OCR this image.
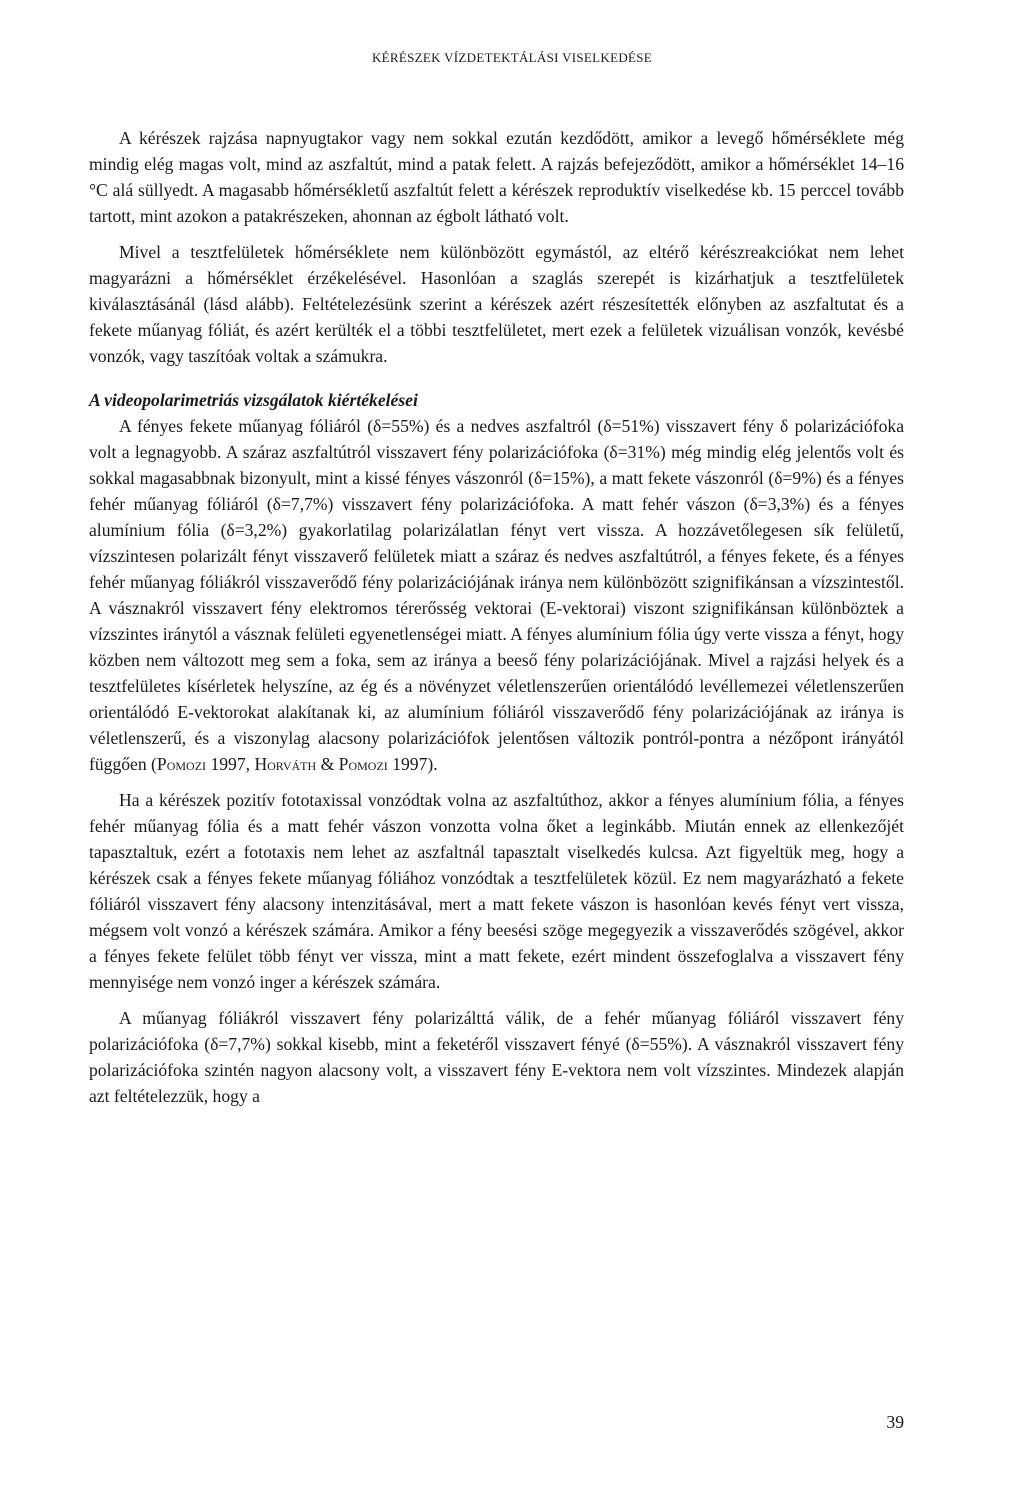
KÉRÉSZEK VÍZDETEKTÁLÁSI VISELKEDÉSE

A kérészek rajzása napnyugtakor vagy nem sokkal ezután kezdődött, amikor a levegő hőmérséklete még mindig elég magas volt, mind az aszfaltút, mind a patak felett. A rajzás befejeződött, amikor a hőmérséklet 14–16 °C alá süllyedt. A magasabb hőmérsékletű aszfaltút felett a kérészek reproduktív viselkedése kb. 15 perccel tovább tartott, mint azokon a patakrészeken, ahonnan az égbolt látható volt.

Mivel a tesztfelületek hőmérséklete nem különbözött egymástól, az eltérő kérészreakciókat nem lehet magyarázni a hőmérséklet érzékelésével. Hasonlóan a szaglás szerepét is kizárhatjuk a tesztfelületek kiválasztásánál (lásd alább). Feltételezésünk szerint a kérészek azért részesítették előnyben az aszfaltutat és a fekete műanyag fóliát, és azért kerülték el a többi tesztfelületet, mert ezek a felületek vizuálisan vonzók, kevésbé vonzók, vagy taszítóak voltak a számukra.

A videopolarimetriás vizsgálatok kiértékelései

A fényes fekete műanyag fóliáról (δ=55%) és a nedves aszfaltról (δ=51%) visszavert fény δ polarizációfoka volt a legnagyobb. A száraz aszfaltútról visszavert fény polarizációfoka (δ=31%) még mindig elég jelentős volt és sokkal magasabbnak bizonyult, mint a kissé fényes vászonról (δ=15%), a matt fekete vászonról (δ=9%) és a fényes fehér műanyag fóliáról (δ=7,7%) visszavert fény polarizációfoka. A matt fehér vászon (δ=3,3%) és a fényes alumínium fólia (δ=3,2%) gyakorlatilag polarizálatlan fényt vert vissza. A hozzávetőlegesen sík felületű, vízszintesen polarizált fényt visszaverő felületek miatt a száraz és nedves aszfaltútról, a fényes fekete, és a fényes fehér műanyag fóliákról visszaverődő fény polarizációjának iránya nem különbözött szignifikánsan a vízszintestől. A vásznakról visszavert fény elektromos térerősség vektorai (E-vektorai) viszont szignifikánsan különböztek a vízszintes iránytól a vásznak felületi egyenetlenségei miatt. A fényes alumínium fólia úgy verte vissza a fényt, hogy közben nem változott meg sem a foka, sem az iránya a beeső fény polarizációjának. Mivel a rajzási helyek és a tesztfelületes kísérletek helyszíne, az ég és a növényzet véletlenszerűen orientálódó levéllemezei véletlenszerűen orientálódó E-vektorokat alakítanak ki, az alumínium fóliáról visszaverődő fény polarizációjának az iránya is véletlenszerű, és a viszonylag alacsony polarizációfok jelentősen változik pontról-pontra a nézőpont irányától függően (Pomozi 1997, Horváth & Pomozi 1997).

Ha a kérészek pozitív fototaxissal vonzódtak volna az aszfaltúthoz, akkor a fényes alumínium fólia, a fényes fehér műanyag fólia és a matt fehér vászon vonzotta volna őket a leginkább. Miután ennek az ellenkezőjét tapasztaltuk, ezért a fototaxis nem lehet az aszfaltnál tapasztalt viselkedés kulcsa. Azt figyeltük meg, hogy a kérészek csak a fényes fekete műanyag fóliához vonzódtak a tesztfelületek közül. Ez nem magyarázható a fekete fóliáról visszavert fény alacsony intenzitásával, mert a matt fekete vászon is hasonlóan kevés fényt vert vissza, mégsem volt vonzó a kérészek számára. Amikor a fény beesési szöge megegyezik a visszaverődés szögével, akkor a fényes fekete felület több fényt ver vissza, mint a matt fekete, ezért mindent összefoglalva a visszavert fény mennyisége nem vonzó inger a kérészek számára.

A műanyag fóliákról visszavert fény polarizálttá válik, de a fehér műanyag fóliáról visszavert fény polarizációfoka (δ=7,7%) sokkal kisebb, mint a feketéről visszavert fényé (δ=55%). A vásznakról visszavert fény polarizációfoka szintén nagyon alacsony volt, a visszavert fény E-vektora nem volt vízszintes. Mindezek alapján azt feltételezzük, hogy a

39
